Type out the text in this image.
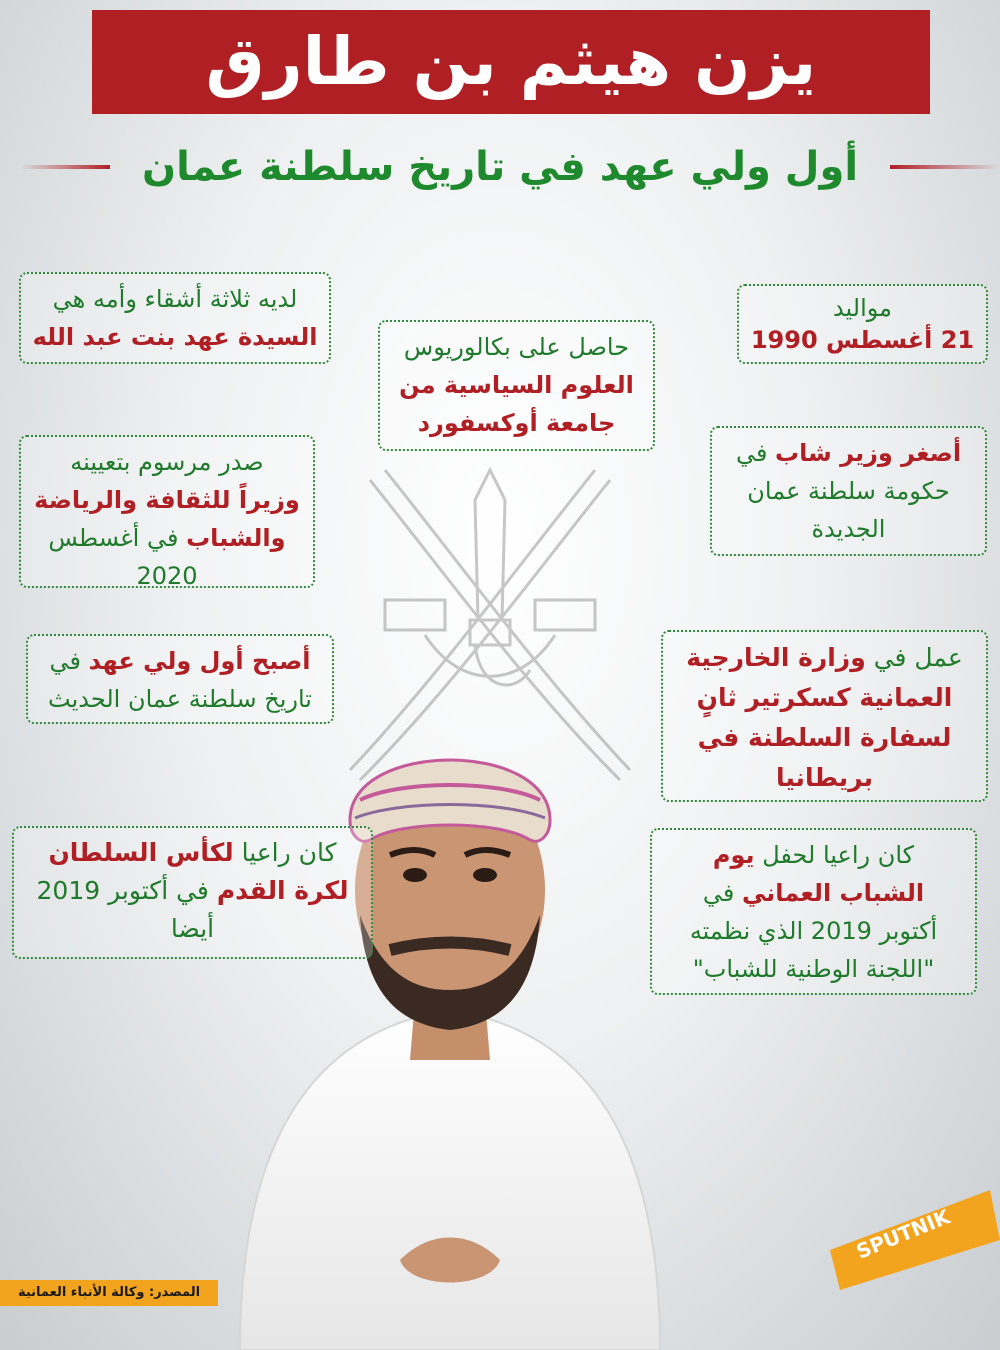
يزن هيثم بن طارق
أول ولي عهد في تاريخ سلطنة عمان
مواليد
21 أغسطس 1990
لديه ثلاثة أشقاء وأمه هي
السيدة عهد بنت عبد الله	حاصل على بكالوريوس
العلوم السياسية من
جامعة أوكسفورد
أصغر وزير شاب في
حكومة سلطنة عمان
الجديدة
صدر مرسوم بتعيينه
وزيراً للثقافة والرياضة
والشباب في أغسطس
2020
عمل في وزارة الخارجية
العمانية كسكرتير ثانٍ
لسفارة السلطنة في
بريطانيا
أصبح أول ولي عهد في
تاريخ سلطنة عمان الحديث
كان راعيا لكأس السلطان
لكرة القدم في أكتوبر 2019
أيضا
كان راعيا لحفل يوم
الشباب العماني في
أكتوبر 2019 الذي نظمته
"اللجنة الوطنية للشباب"
المصدر: وكالة الأنباء العمانية
SPUTNIK
